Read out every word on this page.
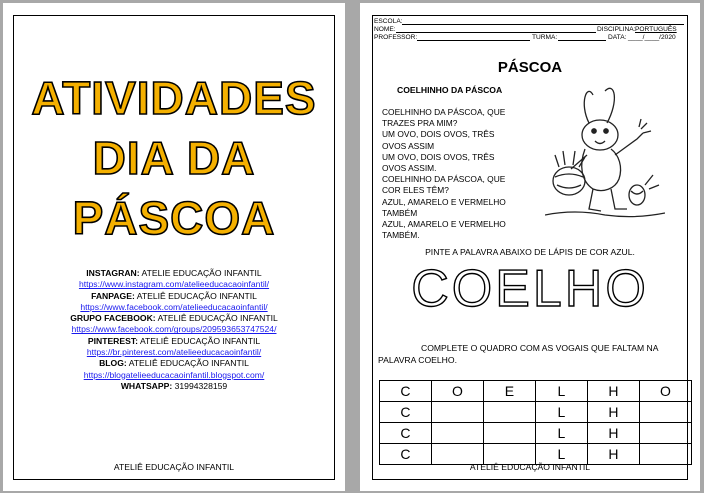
ATIVIDADES
DIA DA
PÁSCOA
INSTAGRAN: ATELIE EDUCAÇÃO INFANTIL
https://www.instagram.com/atelieeducacaoinfantil/
FANPAGE: ATELIÊ EDUCAÇÃO INFANTIL
https://www.facebook.com/atelieeducacaoinfantil/
GRUPO FACEBOOK: ATELIÊ EDUCAÇÃO INFANTIL
https://www.facebook.com/groups/209593653747524/
PINTEREST: ATELIÊ EDUCAÇÃO INFANTIL
https://br.pinterest.com/atelieeducacaoinfantil/
BLOG: ATELIÊ EDUCAÇÃO INFANTIL
https://blogatelieeducacaoinfantil.blogspot.com/
WHATSAPP: 31994328159
ATELIÊ EDUCAÇÃO INFANTIL
ESCOLA:
NOME:	DISCIPLINA: PORTUGUÊS
PROFESSOR:	TURMA:	DATA: ____/____/2020
PÁSCOA
COELHINHO DA PÁSCOA
COELHINHO DA PÁSCOA, QUE
TRAZES PRA MIM?
UM OVO, DOIS OVOS, TRÊS
OVOS ASSIM
UM OVO, DOIS OVOS, TRÊS
OVOS ASSIM.
COELHINHO DA PÁSCOA, QUE
COR ELES TÊM?
AZUL, AMARELO E VERMELHO
TAMBÉM
AZUL, AMARELO E VERMELHO
TAMBÉM.
PINTE A PALAVRA ABAIXO DE LÁPIS DE COR AZUL.
COELHO
COMPLETE O QUADRO COM AS VOGAIS QUE FALTAM NA
PALAVRA COELHO.
C	O	E	L	H	O
C			L	H	
C			L	H	
C			L	H	
ATELIÊ EDUCAÇÃO INFANTIL
